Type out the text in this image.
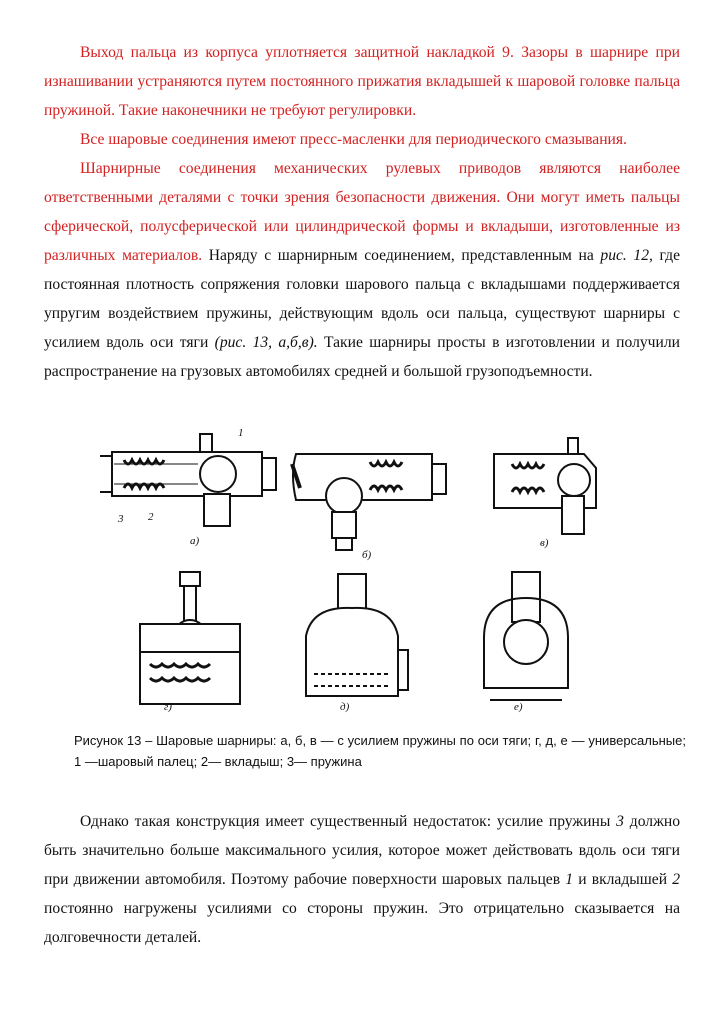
Выход пальца из корпуса уплотняется защитной накладкой 9. Зазоры в шарнире при изнашивании устраняются путем постоянного прижатия вкладышей к шаровой головке пальца пружиной. Такие наконечники не требуют регулировки.

Все шаровые соединения имеют пресс-масленки для периодического смазывания.

Шарнирные соединения механических рулевых приводов являются наиболее ответственными деталями с точки зрения безопасности движения. Они могут иметь пальцы сферической, полусферической или цилиндрической формы и вкладыши, изготовленные из различных материалов. Наряду с шарнирным соединением, представленным на рис. 12, где постоянная плотность сопряжения головки шарового пальца с вкладышами поддерживается упругим воздействием пружины, действующим вдоль оси пальца, существуют шарниры с усилием вдоль оси тяги (рис. 13, а,б,в). Такие шарниры просты в изготовлении и получили распространение на грузовых автомобилях средней и большой грузоподъемности.

а)
б)
в)
г)	д)	е)
1
2
3
Рисунок 13 – Шаровые шарниры: а, б, в — с усилием пружины по оси тяги; г, д, е — универсальные; 1 —шаровый палец; 2— вкладыш; 3— пружина

Однако такая конструкция имеет существенный недостаток: усилие пружины 3 должно быть значительно больше максимального усилия, которое может действовать вдоль оси тяги при движении автомобиля. Поэтому рабочие поверхности шаровых пальцев 1 и вкладышей 2 постоянно нагружены усилиями со стороны пружин. Это отрицательно сказывается на долговечности деталей.
